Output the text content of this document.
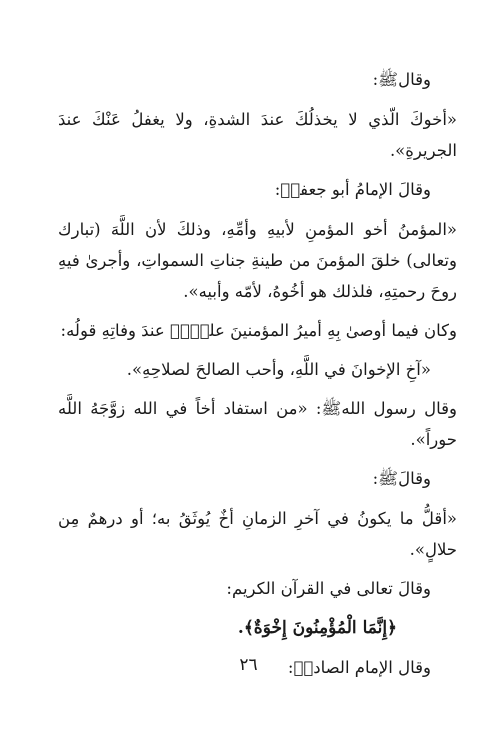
وقالﷺ:

«أخوكَ الّذي لا يخذلُكَ عندَ الشدةِ، ولا يغفلُ عَنْكَ عندَ الجريرةِ».

وقالَ الإمامُ أبو جعفرؑ:

«المؤمنُ أخو المؤمنِ لأبيهِ وأمِّهِ، وذلكَ لأن اللَّهَ (تبارك وتعالى) خلقَ المؤمنَ من طينةِ جناتِ السمواتِ، وأجرىٰ فيهِ روحَ رحمتِهِ، فلذلك هو أخُوهُ، لأمّه وأبيه».

وكان فيما أوصىٰ بِهِ أميرُ المؤمنينَ عليٌّؑ عندَ وفاتِهِ قولُه:

«آخِ الإخوانَ في اللَّهِ، وأحب الصالحَ لصلاحِهِ».

وقال رسول اللهﷺ: «من استفاد أخاً في الله زوَّجَهُ اللَّه حوراً».

وقالَﷺ:

«أقلُّ ما يكونُ في آخرِ الزمانِ أخٌ يُوثَقُ به؛ أو درهمٌ مِن حلالٍ».

وقالَ تعالى في القرآن الكريم:

﴿إِنَّمَا الْمُؤْمِنُونَ إِخْوَةٌ﴾.

وقال الإمام الصادقؑ:

٢٦
